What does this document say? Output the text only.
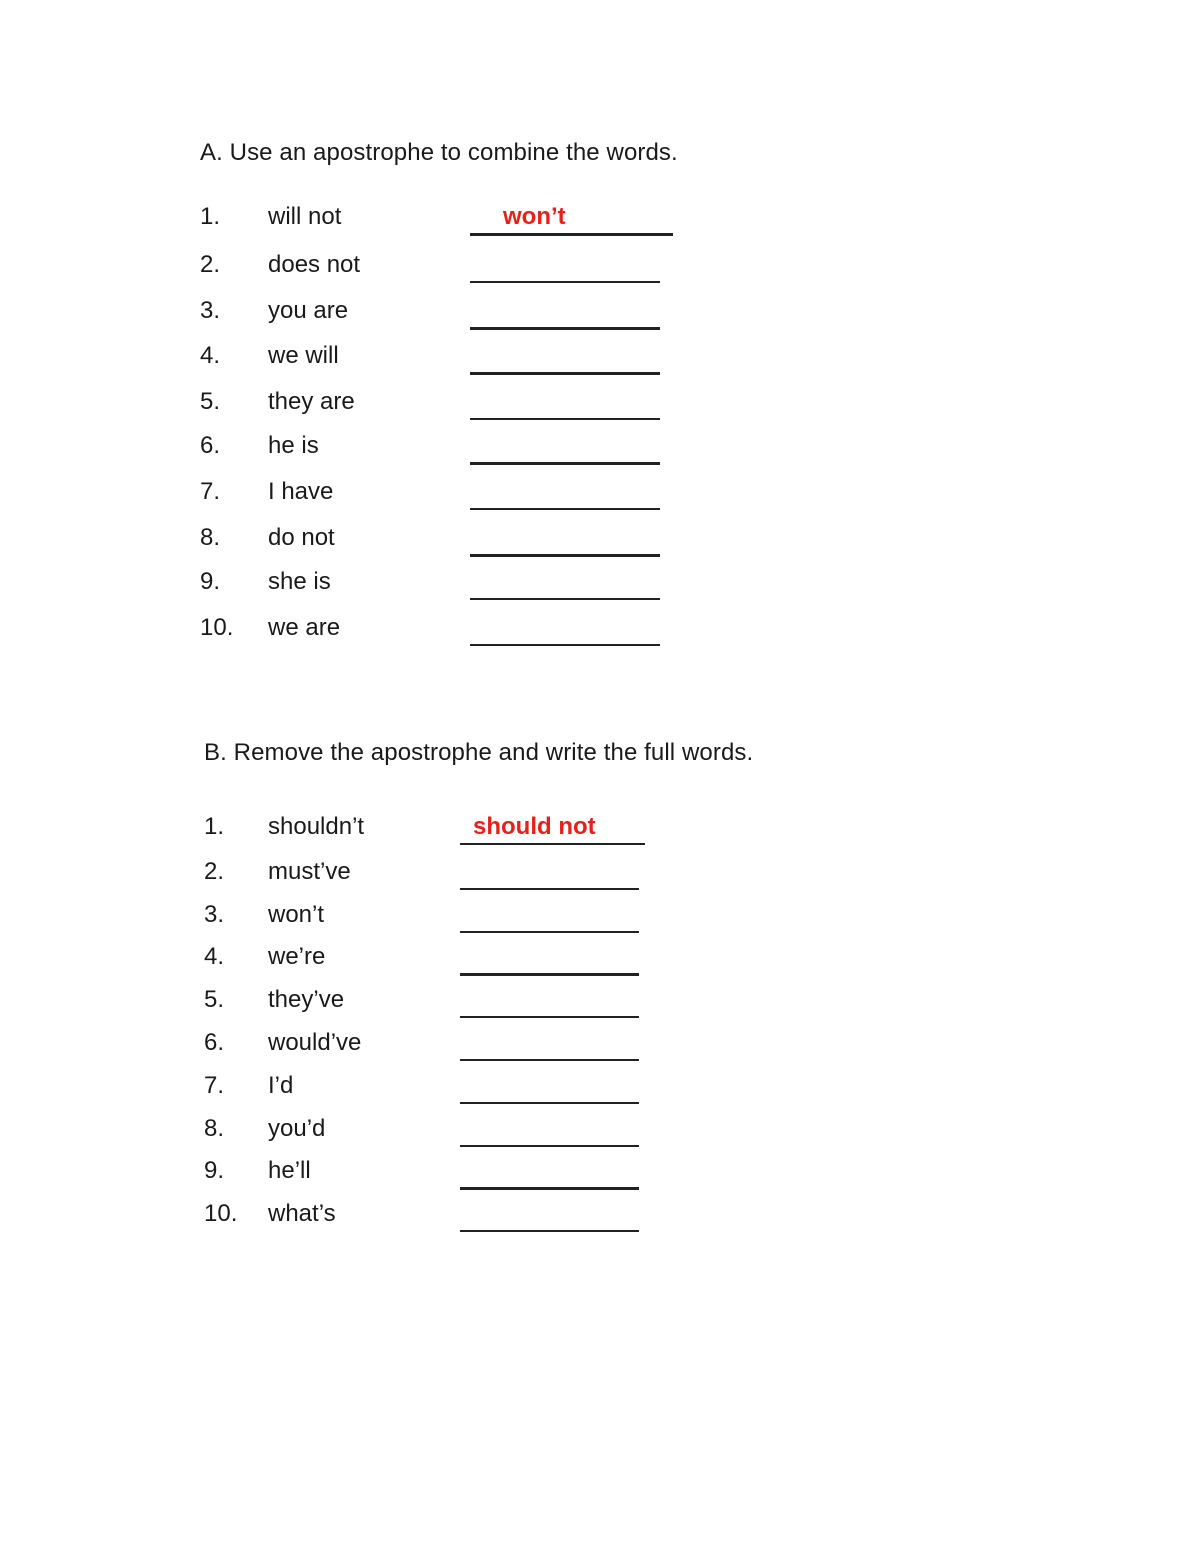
A. Use an apostrophe to combine the words.
1. will not	won’t
2. does not
3. you are
4. we will
5. they are
6. he is
7. I have
8. do not
9. she is
10. we are
B. Remove the apostrophe and write the full words.
1. shouldn’t	should not
2. must’ve
3. won’t
4. we’re
5. they’ve
6. would’ve
7. I’d
8. you’d
9. he’ll
10. what’s
